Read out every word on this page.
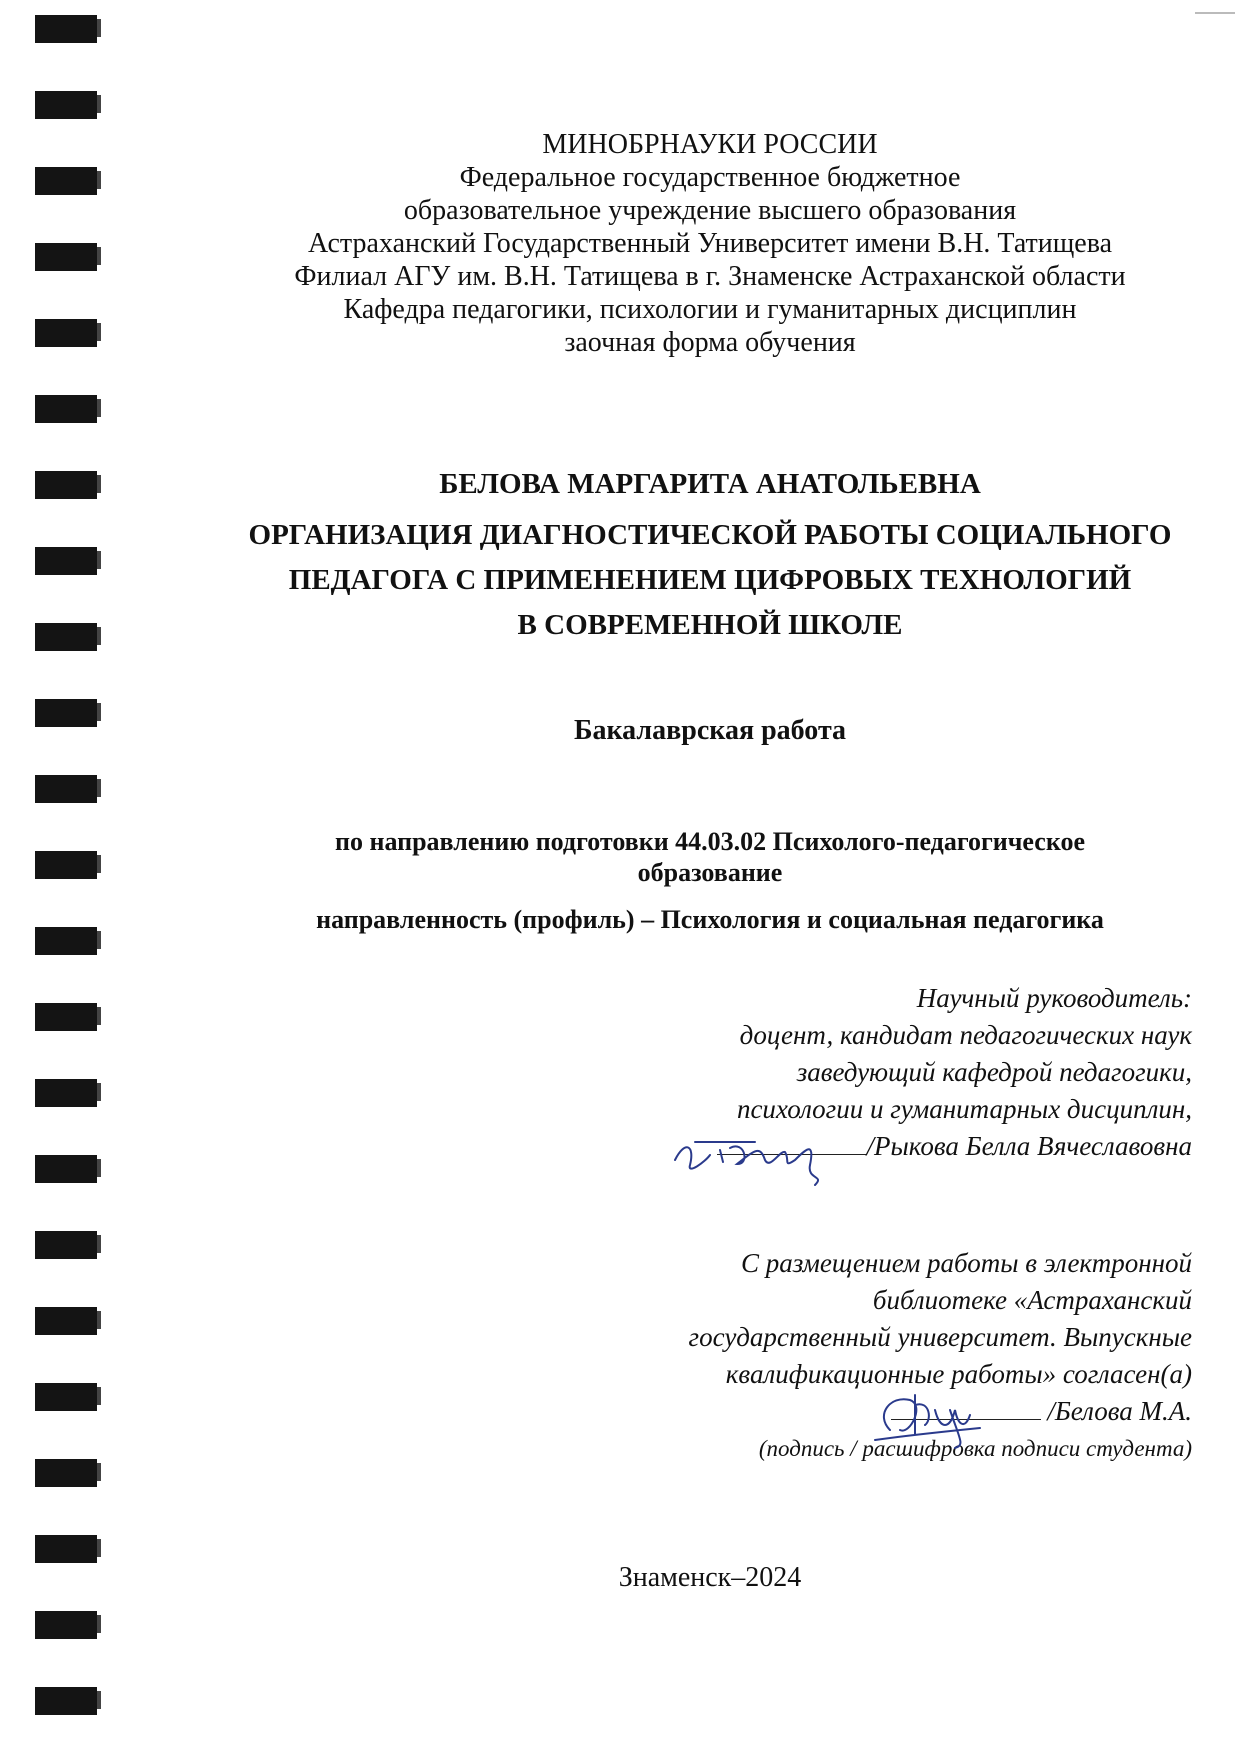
МИНОБРНАУКИ РОССИИ
Федеральное государственное бюджетное
образовательное учреждение высшего образования
Астраханский Государственный Университет имени В.Н. Татищева
Филиал АГУ им. В.Н. Татищева в г. Знаменске Астраханской области
Кафедра педагогики, психологии и гуманитарных дисциплин
заочная форма обучения
БЕЛОВА МАРГАРИТА АНАТОЛЬЕВНА
ОРГАНИЗАЦИЯ ДИАГНОСТИЧЕСКОЙ РАБОТЫ СОЦИАЛЬНОГО
ПЕДАГОГА С ПРИМЕНЕНИЕМ ЦИФРОВЫХ ТЕХНОЛОГИЙ
В СОВРЕМЕННОЙ ШКОЛЕ
Бакалаврская работа
по направлению подготовки 44.03.02 Психолого-педагогическое
образование
направленность (профиль) – Психология и социальная педагогика
Научный руководитель:
доцент, кандидат педагогических наук
заведующий кафедрой педагогики,
психологии и гуманитарных дисциплин,
/Рыкова Белла Вячеславовна
С размещением работы в электронной
библиотеке «Астраханский
государственный университет. Выпускные
квалификационные работы» согласен(а)
/Белова М.А.
(подпись / расшифровка подписи студента)
Знаменск–2024
